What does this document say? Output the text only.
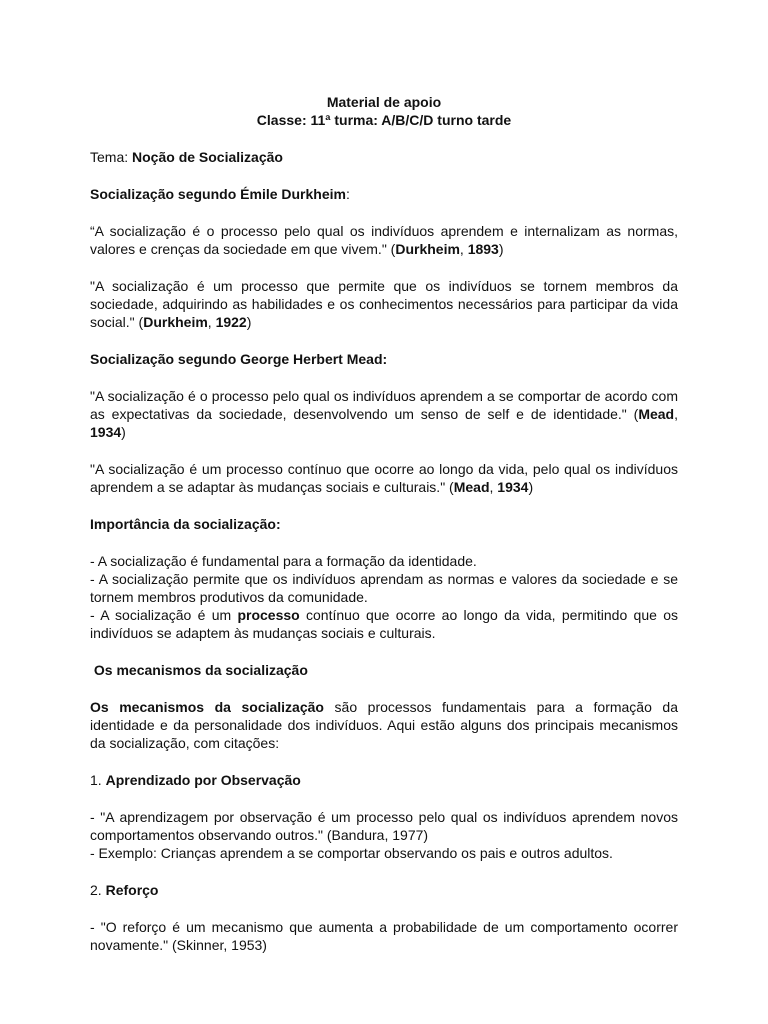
Material de apoio
Classe: 11ª turma: A/B/C/D turno tarde

Tema: Noção de Socialização

Socialização segundo Émile Durkheim:

“A socialização é o processo pelo qual os indivíduos aprendem e internalizam as normas, valores e crenças da sociedade em que vivem." (Durkheim, 1893)

"A socialização é um processo que permite que os indivíduos se tornem membros da sociedade, adquirindo as habilidades e os conhecimentos necessários para participar da vida social." (Durkheim, 1922)

Socialização segundo George Herbert Mead:

"A socialização é o processo pelo qual os indivíduos aprendem a se comportar de acordo com as expectativas da sociedade, desenvolvendo um senso de self e de identidade." (Mead, 1934)

"A socialização é um processo contínuo que ocorre ao longo da vida, pelo qual os indivíduos aprendem a se adaptar às mudanças sociais e culturais." (Mead, 1934)

Importância da socialização:

- A socialização é fundamental para a formação da identidade.

- A socialização permite que os indivíduos aprendam as normas e valores da sociedade e se tornem membros produtivos da comunidade.

- A socialização é um processo contínuo que ocorre ao longo da vida, permitindo que os indivíduos se adaptem às mudanças sociais e culturais.

Os mecanismos da socialização

Os mecanismos da socialização são processos fundamentais para a formação da identidade e da personalidade dos indivíduos. Aqui estão alguns dos principais mecanismos da socialização, com citações:

1. Aprendizado por Observação

- "A aprendizagem por observação é um processo pelo qual os indivíduos aprendem novos comportamentos observando outros." (Bandura, 1977)

- Exemplo: Crianças aprendem a se comportar observando os pais e outros adultos.

2. Reforço

- "O reforço é um mecanismo que aumenta a probabilidade de um comportamento ocorrer novamente." (Skinner, 1953)
